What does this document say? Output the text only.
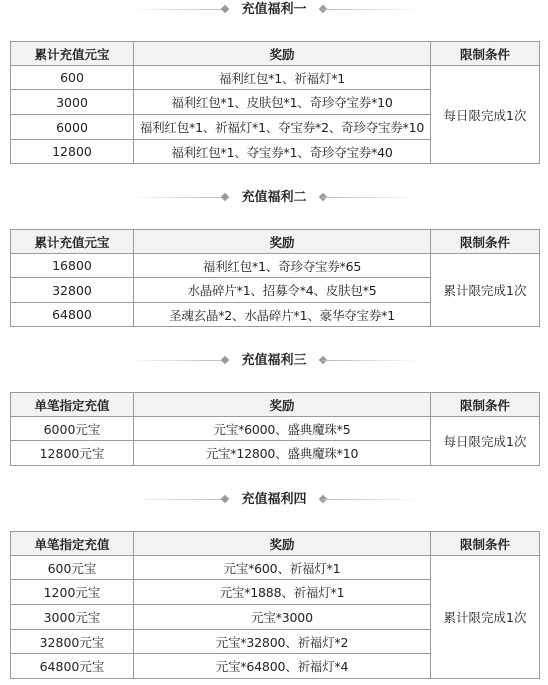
充值福利一
累计充值元宝	奖励	限制条件
600	福利红包*1、祈福灯*1	每日限完成1次
3000	福利红包*1、皮肤包*1、奇珍夺宝券*10	
6000	福利红包*1、祈福灯*1、夺宝券*2、奇珍夺宝券*10	
12800	福利红包*1、夺宝券*1、奇珍夺宝券*40	
充值福利二
累计充值元宝	奖励	限制条件
16800	福利红包*1、奇珍夺宝券*65	累计限完成1次
32800	水晶碎片*1、招募令*4、皮肤包*5	
64800	圣魂玄晶*2、水晶碎片*1、豪华夺宝券*1	
充值福利三
单笔指定充值	奖励	限制条件
6000元宝	元宝*6000、盛典魔珠*5	每日限完成1次
12800元宝	元宝*12800、盛典魔珠*10	
充值福利四
单笔指定充值	奖励	限制条件
600元宝	元宝*600、祈福灯*1	累计限完成1次
1200元宝	元宝*1888、祈福灯*1	
3000元宝	元宝*3000	
32800元宝	元宝*32800、祈福灯*2	
64800元宝	元宝*64800、祈福灯*4	
